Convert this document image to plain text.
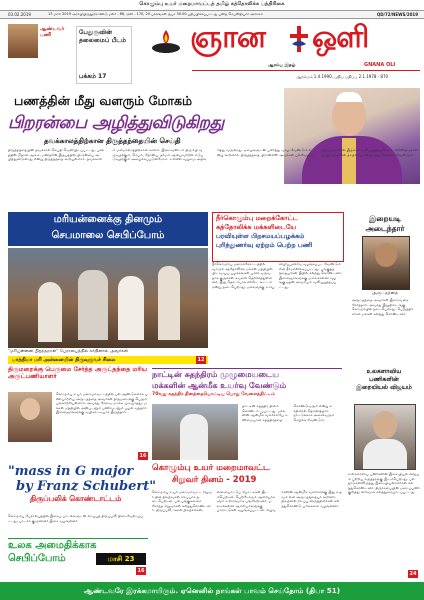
கொழும்பு உயர் மறைமாவட்டத் தமிழ் கத்தோலிக்க பத்திரிகை
03.02.2019	13 மாசி 2019 அராபியிருநூற்றாண்டு மலர் - 86, ஒளி - 170, 20 பக்கங்கள் ரூபா 30.00 பதிப்பிக்கப்பட்டது புனித செபஸ்தியார் அச்சகம்	QD/72/NEWS/2019
ஆண்டவர் பணி	பேதுருவின் தலைமைப் பீடம்
பக்கம் 17
ஞான ஒளி
ஆரம்ப இதழ்	GNANA OLI
ஆரம்பம் 1.4.1990, புதிய பதிப்பு 2.1.1978 - 870
பணத்தின் மீது வளரும் மோகம்
பிறரன்பை அழித்துவிடுகிறது
தவக்காலத்திற்கான திருத்தந்தையின் செய்தி
திருத்தந்தையின் தவக்கால செய்தி வெளியிடப்பட்டது. பணத்தின் மீதான ஆசை, மனிதரின் இதயத்தில் பிறரன்பை அழித்துவிடுகிறது என்று திருத்தந்தை கூறியுள்ளார். தவக்காலம் மனமாற்றத்திற்கான காலம். இறைவனிடம் திரும்பி வருவதற்கும், செபம், நோன்பு, தர்மம் ஆகியவற்றில் ஈடுபடுவதற்கும் அழைக்கப்படுகிறோம். உலகில் வறுமை அதிகரித்து வருகிறது. ஏழைகளுடன் பகிர்ந்து வாழ வேண்டும் என்று கூறினார். திருத்தந்தை பிரான்சிஸ் அவர்கள் பல்வேறு சந்தர்ப்பங்களில் இதனை வலியுறுத்தியுள்ளார். கிறிஸ்தவர்கள் தமது வாழ்வில் தாழ்ச்சியுடன் நடந்து கொள்ள வேண்டும்.
மரியன்னைக்கு தினமும்
செபமாலை செபிப்போம்
"மரியன்னை பிறந்தநாள்" பேராலயத்தில் கர்தினால் அவர்கள்
பாத்திமா மரி அன்னையின் திருவுருவச் சிலை	12
திருமறைக்கு பெருமை சேர்த்த அருட்தந்தை மரிய அருட்பணியாளர்
கொழும்பு உயர் மறைமாவட்டத்தில் பல ஆண்டுகளாக பணியாற்றிய அருட்தந்தை அவர்கள் திருமறைக்கு பெரும் பங்காற்றியுள்ளார். அவரது சேவை மறக்க முடியாதது. மக்கள் மத்தியில் அன்புடனும் பணிவுடனும் பழகி வந்தார். இளைஞர்களுக்கு வழிகாட்டியாக இருந்தார்.
16
"mass in G major
by Franz Schubert"
திருப்பலிக் கொண்டாட்டம்
கொழும்பு பேராலயத்தில் இசைப் பாடல்களுடன் சிறப்புத் திருப்பலி நிறைவேற்றப்பட்டது. பாடகர் குழுவினர் இசை வழங்கினர்.
உலக அமைதிக்காக
செபிப்போம்	மாசி 23
16
நீர்கொழும்பு மறைக்கோட்ட
கத்தோலிக்க மக்களிடையே
பரவியுள்ள பிறசமயப்பழக்கம்
புரிந்துணர்வு ஏற்றம் பெற்ற பணி
நீர்கொழும்பு மறைக்கோட்டத்தில் வாழும் கத்தோலிக்க மக்கள் மத்தியில் பிற சமயப் பழக்கங்கள் பரவி வருவதாக குருக்கள் கவலை தெரிவித்துள்ளனர். இது தொடர்பாக விசேட கூட்டம் ஒன்று நடைபெற்றது. மக்களுக்கு உரிய விழிப்புணர்வு வழங்கப்பட வேண்டும் என தீர்மானிக்கப்பட்டது. பங்குத்தந்தையர்கள் இதில் கலந்து கொண்டனர். இளைஞர்களுக்கு மறைக்கல்வி வழங்குவதன் அவசியம் வலியுறுத்தப்பட்டது.
இறையடி
அடைந்தார்
அருட்தந்தை
அருட்தந்தை அவர்கள் இறைவனடி சேர்ந்தார். அவரது இறுதிச்சடங்கு கொழும்பில் நடைபெற்றது. பெருந்திரளான மக்கள் கலந்து கொண்டனர்.
நாட்டின் சுதந்திரம் முழுமையடைய
மக்களின் ஆன்மீக உயர்வு வேண்டும்
70வது சுதந்திர தினத்தையொட்டிய பொது வேலைத்திட்டம்
நாட்டின் சுதந்திர தினம் கொண்டாடப்பட்டது. மக்களின் ஆன்மீக வளர்ச்சியே உண்மையான சுதந்திரத்தை கொண்டுவரும் என்று கர்தினால் தெரிவித்தார். நாட்டுக்காக அனைவரும் செபிக்க வேண்டும்.
கொழும்பு உயர் மறைமாவட்ட
சிறுவர் தினம் - 2019
கொழும்பு உயர் மறைமாவட்ட சிறுவர் தின நிகழ்வுகள் சிறப்பாக நடைபெற்றன. பல பங்குகளைச் சேர்ந்த சிறுவர்கள் கலந்துகொண்டனர். திருப்பலி, கலை நிகழ்ச்சிகள், விளையாட்டுப் போட்டிகள் இடம்பெற்றன. பெற்றோரும் ஆசிரியர்களும் உற்சாகமாக பங்கேற்றனர். மறைக்கல்வி ஆசிரியர்களுக்கு பாராட்டுகள் வழங்கப்பட்டன. சிறுவர்களின் ஆன்மீக வளர்ச்சிக்கு இது உதவும் என அருட்தந்தையர் கூறினர். நிகழ்வில் சிறப்பு விருந்தினர்கள் கலந்துகொண்டு பரிசுகளை வழங்கினர்.
உலகளாவிய
பணிகளின்
இறையியல் விஜயம்
உலகளாவிய பணிகளின் இறையியல் விஜயம் பற்றிய கருத்தரங்கு இடம்பெற்றது. பல நாடுகளிலிருந்து இறையியலாளர்கள் கலந்துகொண்டனர். திருச்சபையின் மறைப்பணி குறித்து விரிவாக கலந்துரையாடப்பட்டது.
24
ஆண்டவரே இரக்கமாயிரும். ஏனெனில் நாங்கள் பாவம் செய்தோம் (திபா 51)
